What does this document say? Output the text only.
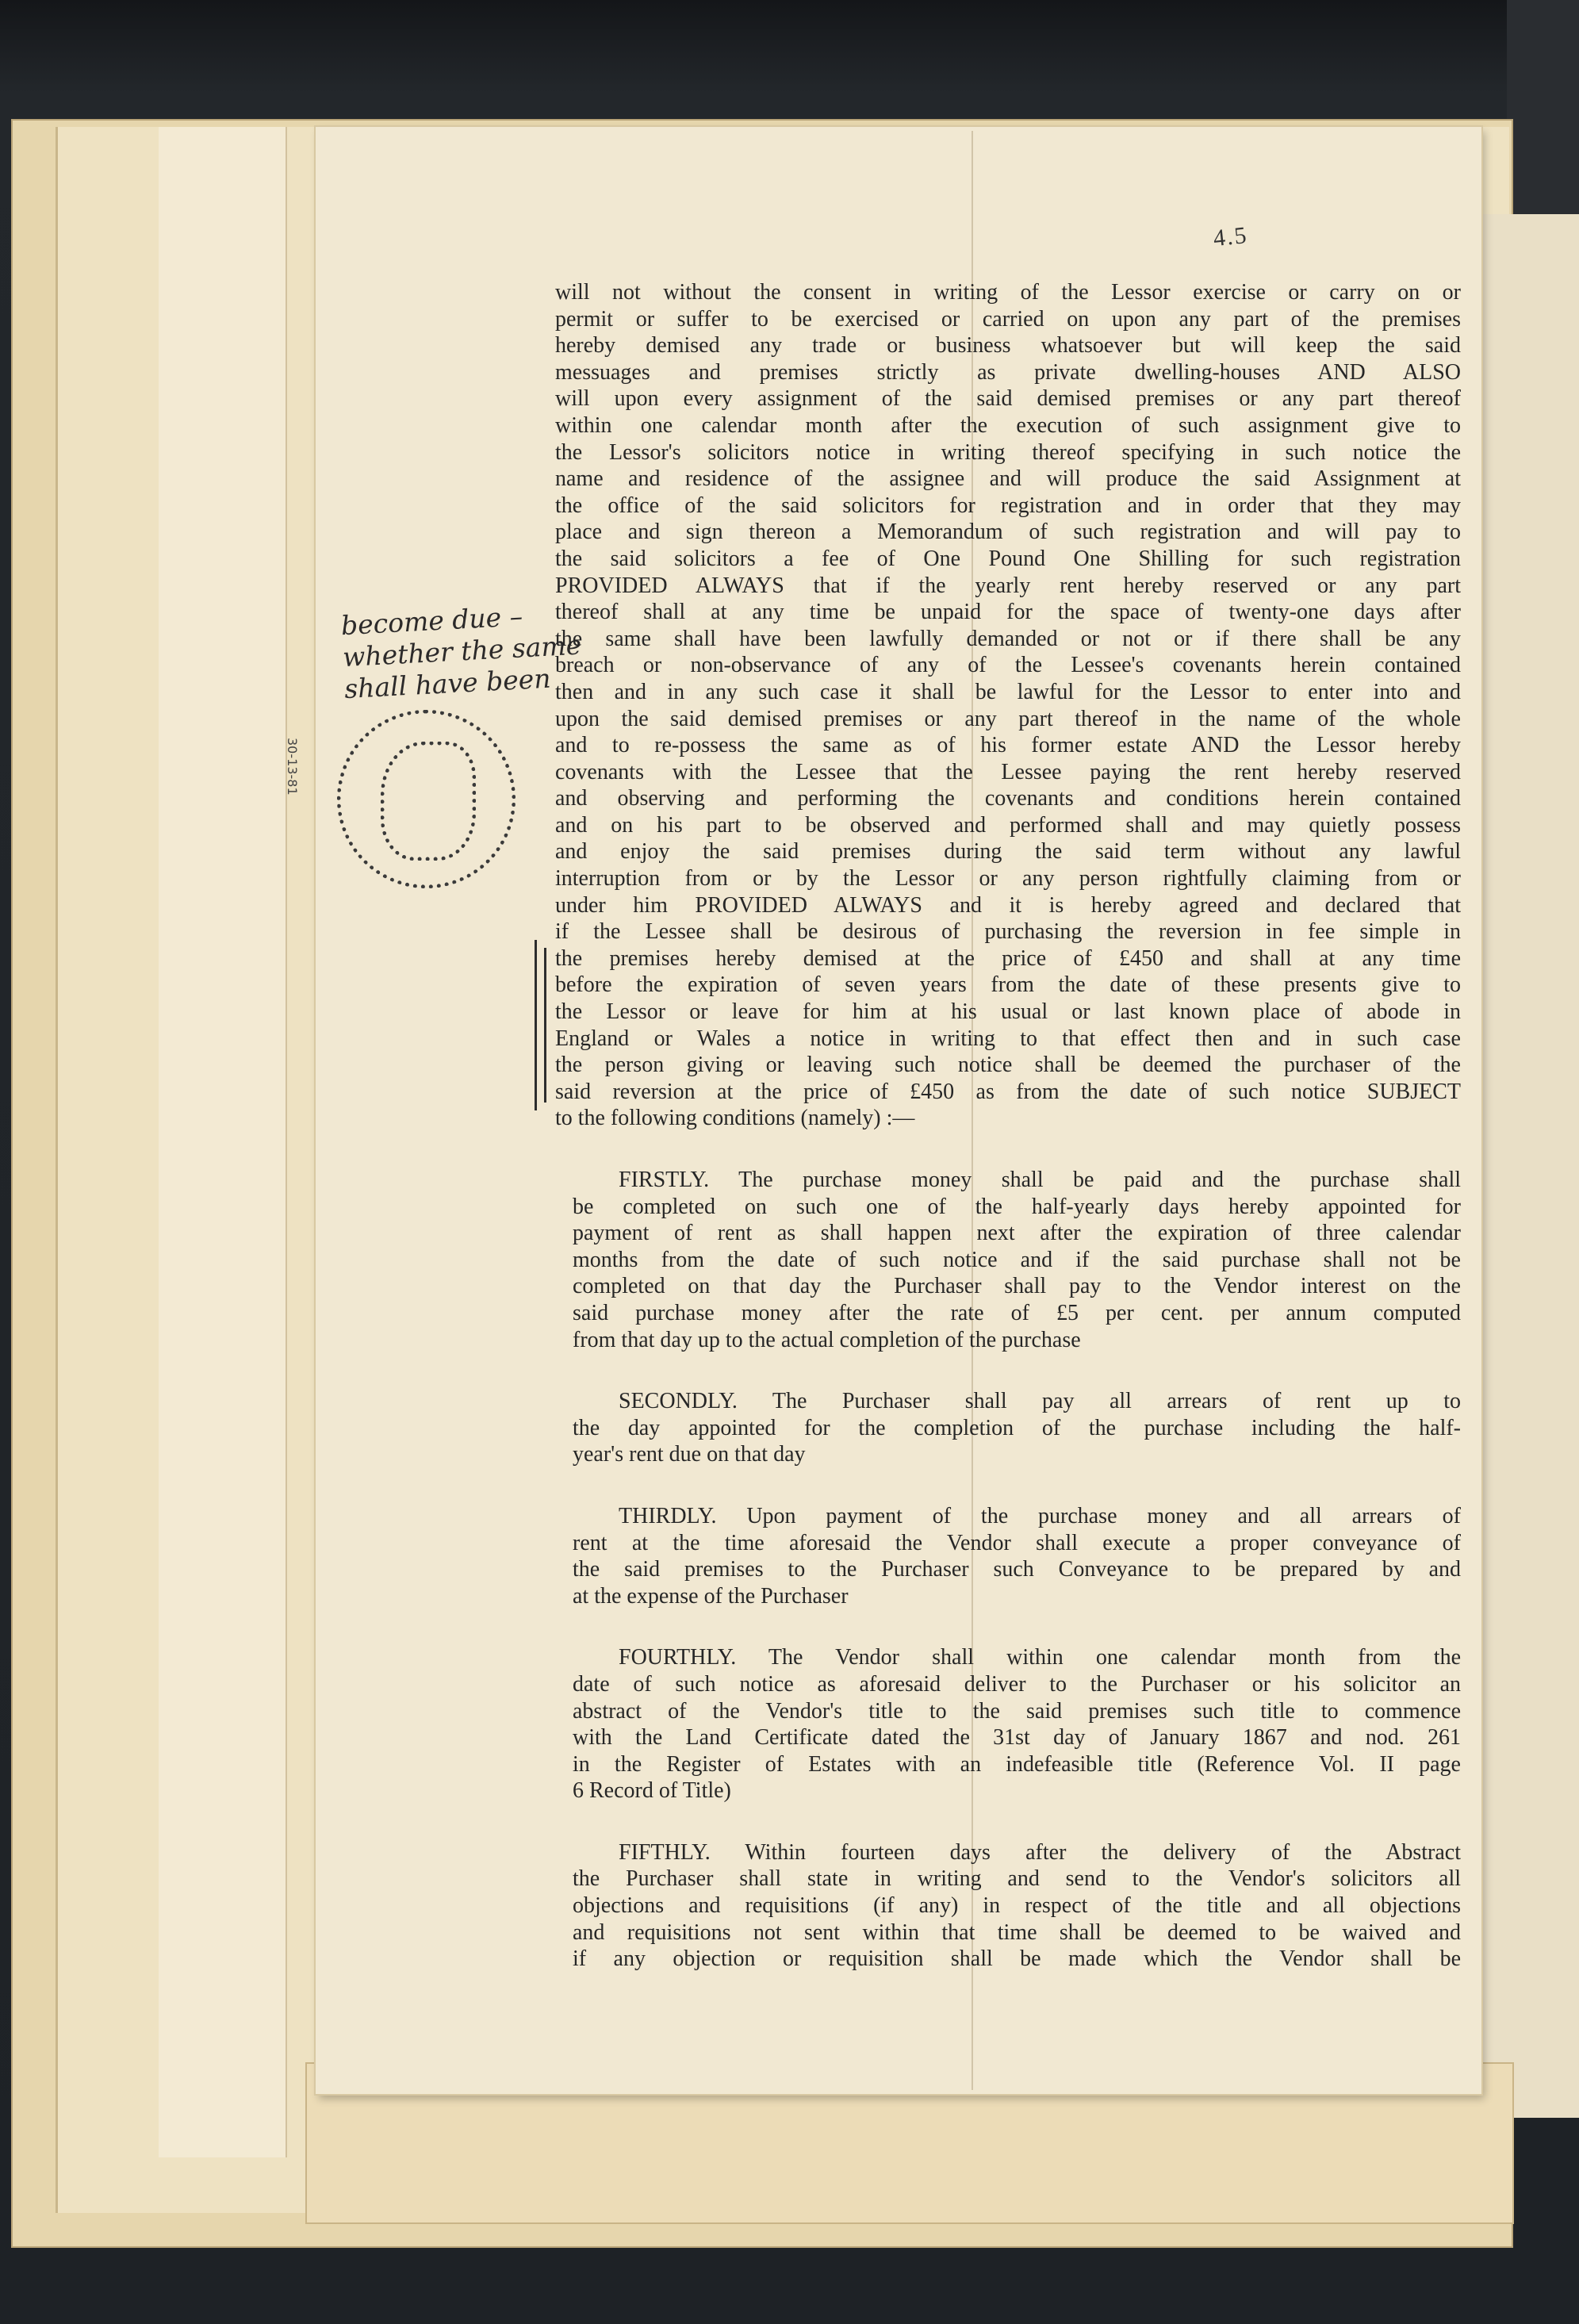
4.5
30-13-81
become due –
whether the same
shall have been

will not without the consent in writing of the Lessor exercise or carry on or

permit or suffer to be exercised or carried on upon any part of the premises

hereby demised any trade or business whatsoever but will keep the said

messuages and premises strictly as private dwelling-houses AND ALSO

will upon every assignment of the said demised premises or any part thereof

within one calendar month after the execution of such assignment give to

the Lessor's solicitors notice in writing thereof specifying in such notice the

name and residence of the assignee and will produce the said Assignment at

the office of the said solicitors for registration and in order that they may

place and sign thereon a Memorandum of such registration and will pay to

the said solicitors a fee of One Pound One Shilling for such registration

PROVIDED ALWAYS that if the yearly rent hereby reserved or any part

thereof shall at any time be unpaid for the space of twenty-one days after

the same shall have been lawfully demanded or not or if there shall be any

breach or non-observance of any of the Lessee's covenants herein contained

then and in any such case it shall be lawful for the Lessor to enter into and

upon the said demised premises or any part thereof in the name of the whole

and to re-possess the same as of his former estate AND the Lessor hereby

covenants with the Lessee that the Lessee paying the rent hereby reserved

and observing and performing the covenants and conditions herein contained

and on his part to be observed and performed shall and may quietly possess

and enjoy the said premises during the said term without any lawful

interruption from or by the Lessor or any person rightfully claiming from or

under him PROVIDED ALWAYS and it is hereby agreed and declared that

if the Lessee shall be desirous of purchasing the reversion in fee simple in

the premises hereby demised at the price of £450 and shall at any time

before the expiration of seven years from the date of these presents give to

the Lessor or leave for him at his usual or last known place of abode in

England or Wales a notice in writing to that effect then and in such case

the person giving or leaving such notice shall be deemed the purchaser of the

said reversion at the price of £450 as from the date of such notice SUBJECT

to the following conditions (namely) :—

FIRSTLY. The purchase money shall be paid and the purchase shall

be completed on such one of the half-yearly days hereby appointed for

payment of rent as shall happen next after the expiration of three calendar

months from the date of such notice and if the said purchase shall not be

completed on that day the Purchaser shall pay to the Vendor interest on the

said purchase money after the rate of £5 per cent. per annum computed

from that day up to the actual completion of the purchase

SECONDLY. The Purchaser shall pay all arrears of rent up to

the day appointed for the completion of the purchase including the half-

year's rent due on that day

THIRDLY. Upon payment of the purchase money and all arrears of

rent at the time aforesaid the Vendor shall execute a proper conveyance of

the said premises to the Purchaser such Conveyance to be prepared by and

at the expense of the Purchaser

FOURTHLY. The Vendor shall within one calendar month from the

date of such notice as aforesaid deliver to the Purchaser or his solicitor an

abstract of the Vendor's title to the said premises such title to commence

with the Land Certificate dated the 31st day of January 1867 and nod. 261

in the Register of Estates with an indefeasible title (Reference Vol. II page

6 Record of Title)

FIFTHLY. Within fourteen days after the delivery of the Abstract

the Purchaser shall state in writing and send to the Vendor's solicitors all

objections and requisitions (if any) in respect of the title and all objections

and requisitions not sent within that time shall be deemed to be waived and

if any objection or requisition shall be made which the Vendor shall be
